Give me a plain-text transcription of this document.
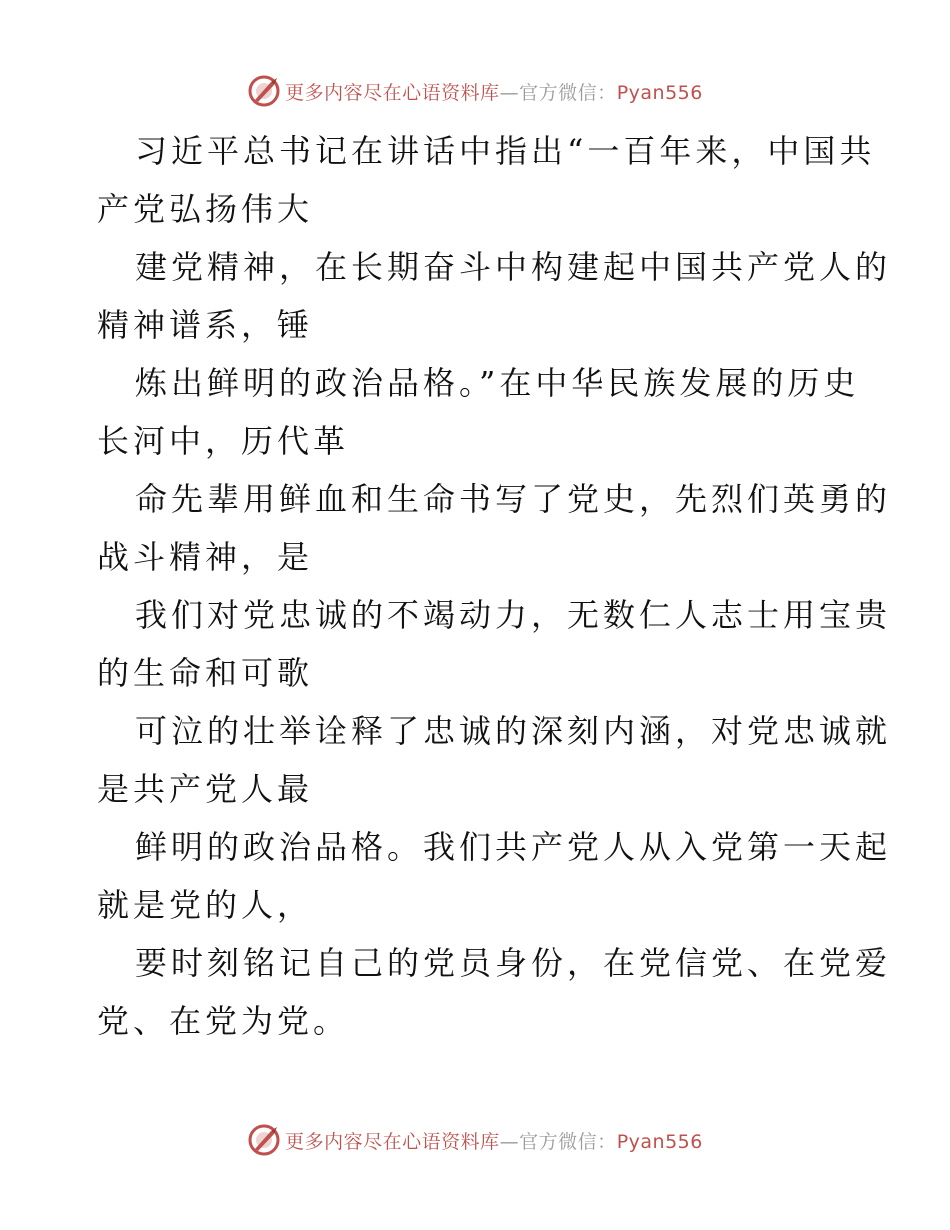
更多内容尽在心语资料库—官方微信：Pyan556
习近平总书记在讲话中指出“一百年来，中国共
产党弘扬伟大
建党精神，在长期奋斗中构建起中国共产党人的
精神谱系，锤
炼出鲜明的政治品格。”在中华民族发展的历史
长河中，历代革
命先辈用鲜血和生命书写了党史，先烈们英勇的
战斗精神，是
我们对党忠诚的不竭动力，无数仁人志士用宝贵
的生命和可歌
可泣的壮举诠释了忠诚的深刻内涵，对党忠诚就
是共产党人最
鲜明的政治品格。我们共产党人从入党第一天起
就是党的人，
要时刻铭记自己的党员身份，在党信党、在党爱
党、在党为党。
更多内容尽在心语资料库—官方微信：Pyan556
